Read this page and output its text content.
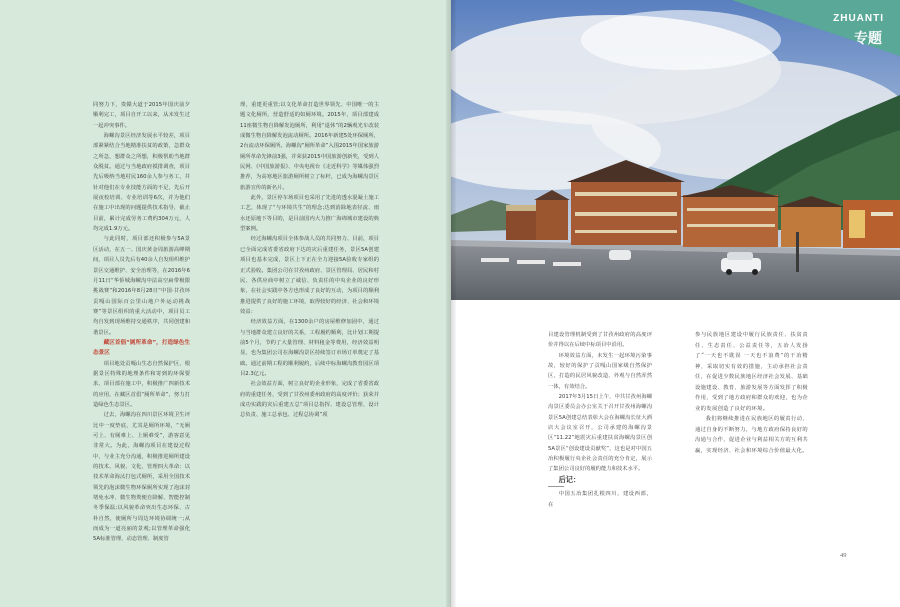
ZHUANTI
专题

同努力下，贵赣大道于2015年国庆前夕顺利完工，项目自开工以来，从未发生过一起冲突事件。

海螺沟景区经济发展水平较差，项目部紧紧结合当地精准扶贫的政策，急群众之所急，想群众之所想，积极帮助当地群众脱贫。通过与当地政府摸排调查，项目先后吸纳当地村民160余人参与务工，并针对他们在专业技能方面的不足，先后开展夜校培训、专业培训等6次，并为他们在施工中出现的问题提供技术指导，截止目前，累计完成劳务工费约304万元，人均完成1.9万元。

与此同时，项目部还积极参与5A景区活动，在五一、国庆黄金周旅游高峰期间，项目人员先后有40余人自发组织维护景区交通维护、安全治理等，在2016年6月11日“华侨城海螺沟中法高空扁带极限挑战赛”和2016年8月28日“中国·甘孜环贡嘎山国际百公里山地户外运动挑战赛”等景区组织的重大活动中，项目员工均自发到现场维持交通秩序，共同创建和谐景区。

藏区首倡“厕所革命”，打造绿色生态景区

项目地处贡嘎山生态自然保护区，根据景区特殊的地理条件和寄到的环保要求，项目部在施工中，积极推广四新技术的应用，在藏区首倡“厕所革命”，努力打造绿色生态景区。

过去，海螺沟在四川景区环境卫生评比中一度垫底，尤其是厕所环境，“无厕可上、有厕难上、上厕难受”，游客意见非常大。为此，海螺沟项目在建设过程中，与业主充分沟通，积极推进厕所建设的技术、风貌、文化、管理四大革命：以技术革命海汰打包式厕所，采用全国技术领先的泡沫微生物环保厕所实现了泡沫封堵免水冲、微生物粪便自降解、智能控制冬季保温;以风貌革命突出生态环保、古朴自然，使厕所与周边环境协调统一;从而成为一道亮丽的景观;以管理革命强化5A标准管理、动态管理、制度管

理，重建更重管;以文化革命打造世界领先、中国唯一的主题文化厕所，营造舒适的如厕环境。2015年，项目部建成11座微生物自降解发泡厕所，利用“退休”的2辆观光车改装成微生物自降解发泡流动厕所。2016年新建5处环保厕所，2台流动环保厕所。海螺沟“厕所革命”入围2015年国家旅游厕所革命先锋前3强，并荣获2015中国旅游创新奖，受到人民网、《中国旅游报》、中央电视台《走近科学》等媒体强烈推荐，为高寒地区旅游厕所树立了标杆，已成为海螺沟景区旅游宣传的新名片。

此外，景区停车场项目也采用了先进的透水混凝土施工工艺，体现了“与环境共生”的理念;达到消除地表径流、雨水还原地下等目的，是目前国内大力推广海绵城市建设的典型案例。

经过海螺沟项目全体参战人员的共同努力、目前，项目已全面完成省委省政府下达的灾后重建任务，景区5A创建项目也基本完成，景区上下正在全力迎接5A验收专家组的正式验收。集团公司在甘孜州政府、景区管理局、居民和村民、各供应商中树立了诚信、负责任的中央企业的良好形象，在社会实践中各方也形成了良好的互动，为项目的顺利推进提供了良好的施工环境，取得较好的经济、社会和环境效益：

经济效益方面，在1300余户的房屋维修加固中，通过与当地群众建立良好的关系，工程履约顺利，比计划工期提前5个月，节约了大量管理、材料租金等费用，经济效益明显，也为集团公司在海螺沟景区持续签订市场订单奠定了基础。通过前期工程的顺利履约，后续中标海螺沟教育园区项目2.3亿元。

社会效益方面，树立良好的企业形象，完成了省委省政府的重建任务，受到了甘孜州委州政府的高度评价；获荣并成功实践的灾后重建五总“项目总指挥、建设总管理、设计总负责、施工总承包、过程总协调”项

目建设管理机制受到了甘孜州政府的高度评价并得以在后续中标项目中沿用。

环境效益方面，未发生一起环境污染事故，较好的保护了贡嘎山国家级自然保护区，打造的民居风貌改造、外观与自然浑然一体，有效结合。

2017年3月15日上午，中共甘孜州海螺沟景区委员会办公室关于召开甘孜州海螺沟景区5A创建总结表彰大会在海螺沟长征大酒店大会议室召开，公司承建的海螺沟景区“11.22”地震灾后重建扶贫海螺沟景区创5A景区“创设建设贡献奖”，这也是对中国五冶积极履行央企社会责任的充分肯定，展示了集团公司良好的履约能力和技术水平。

后记：

中国五冶集团扎根四川，建设西部，在

参与民族地区建设中履行民族责任、扶贫责任、生态责任、公益责任等，五冶人发扬了“一天也不耽误 一天也不浪费”的干冶精神，采取切实有效的措施，主动承担社会责任，在促进少数民族地区经济社会发展、基础设施建设、教育、旅游发展等方面发挥了积极作用，受到了地方政府和群众的欢迎，也为企业的发展创造了良好的环境。

我们将继续推进在民族地区的履责行动，通过自身的不断努力，与地方政府保持良好的沟通与合作，促进企业与利益相关方的互利共赢，实现经济、社会和环境综合价值最大化。

49
